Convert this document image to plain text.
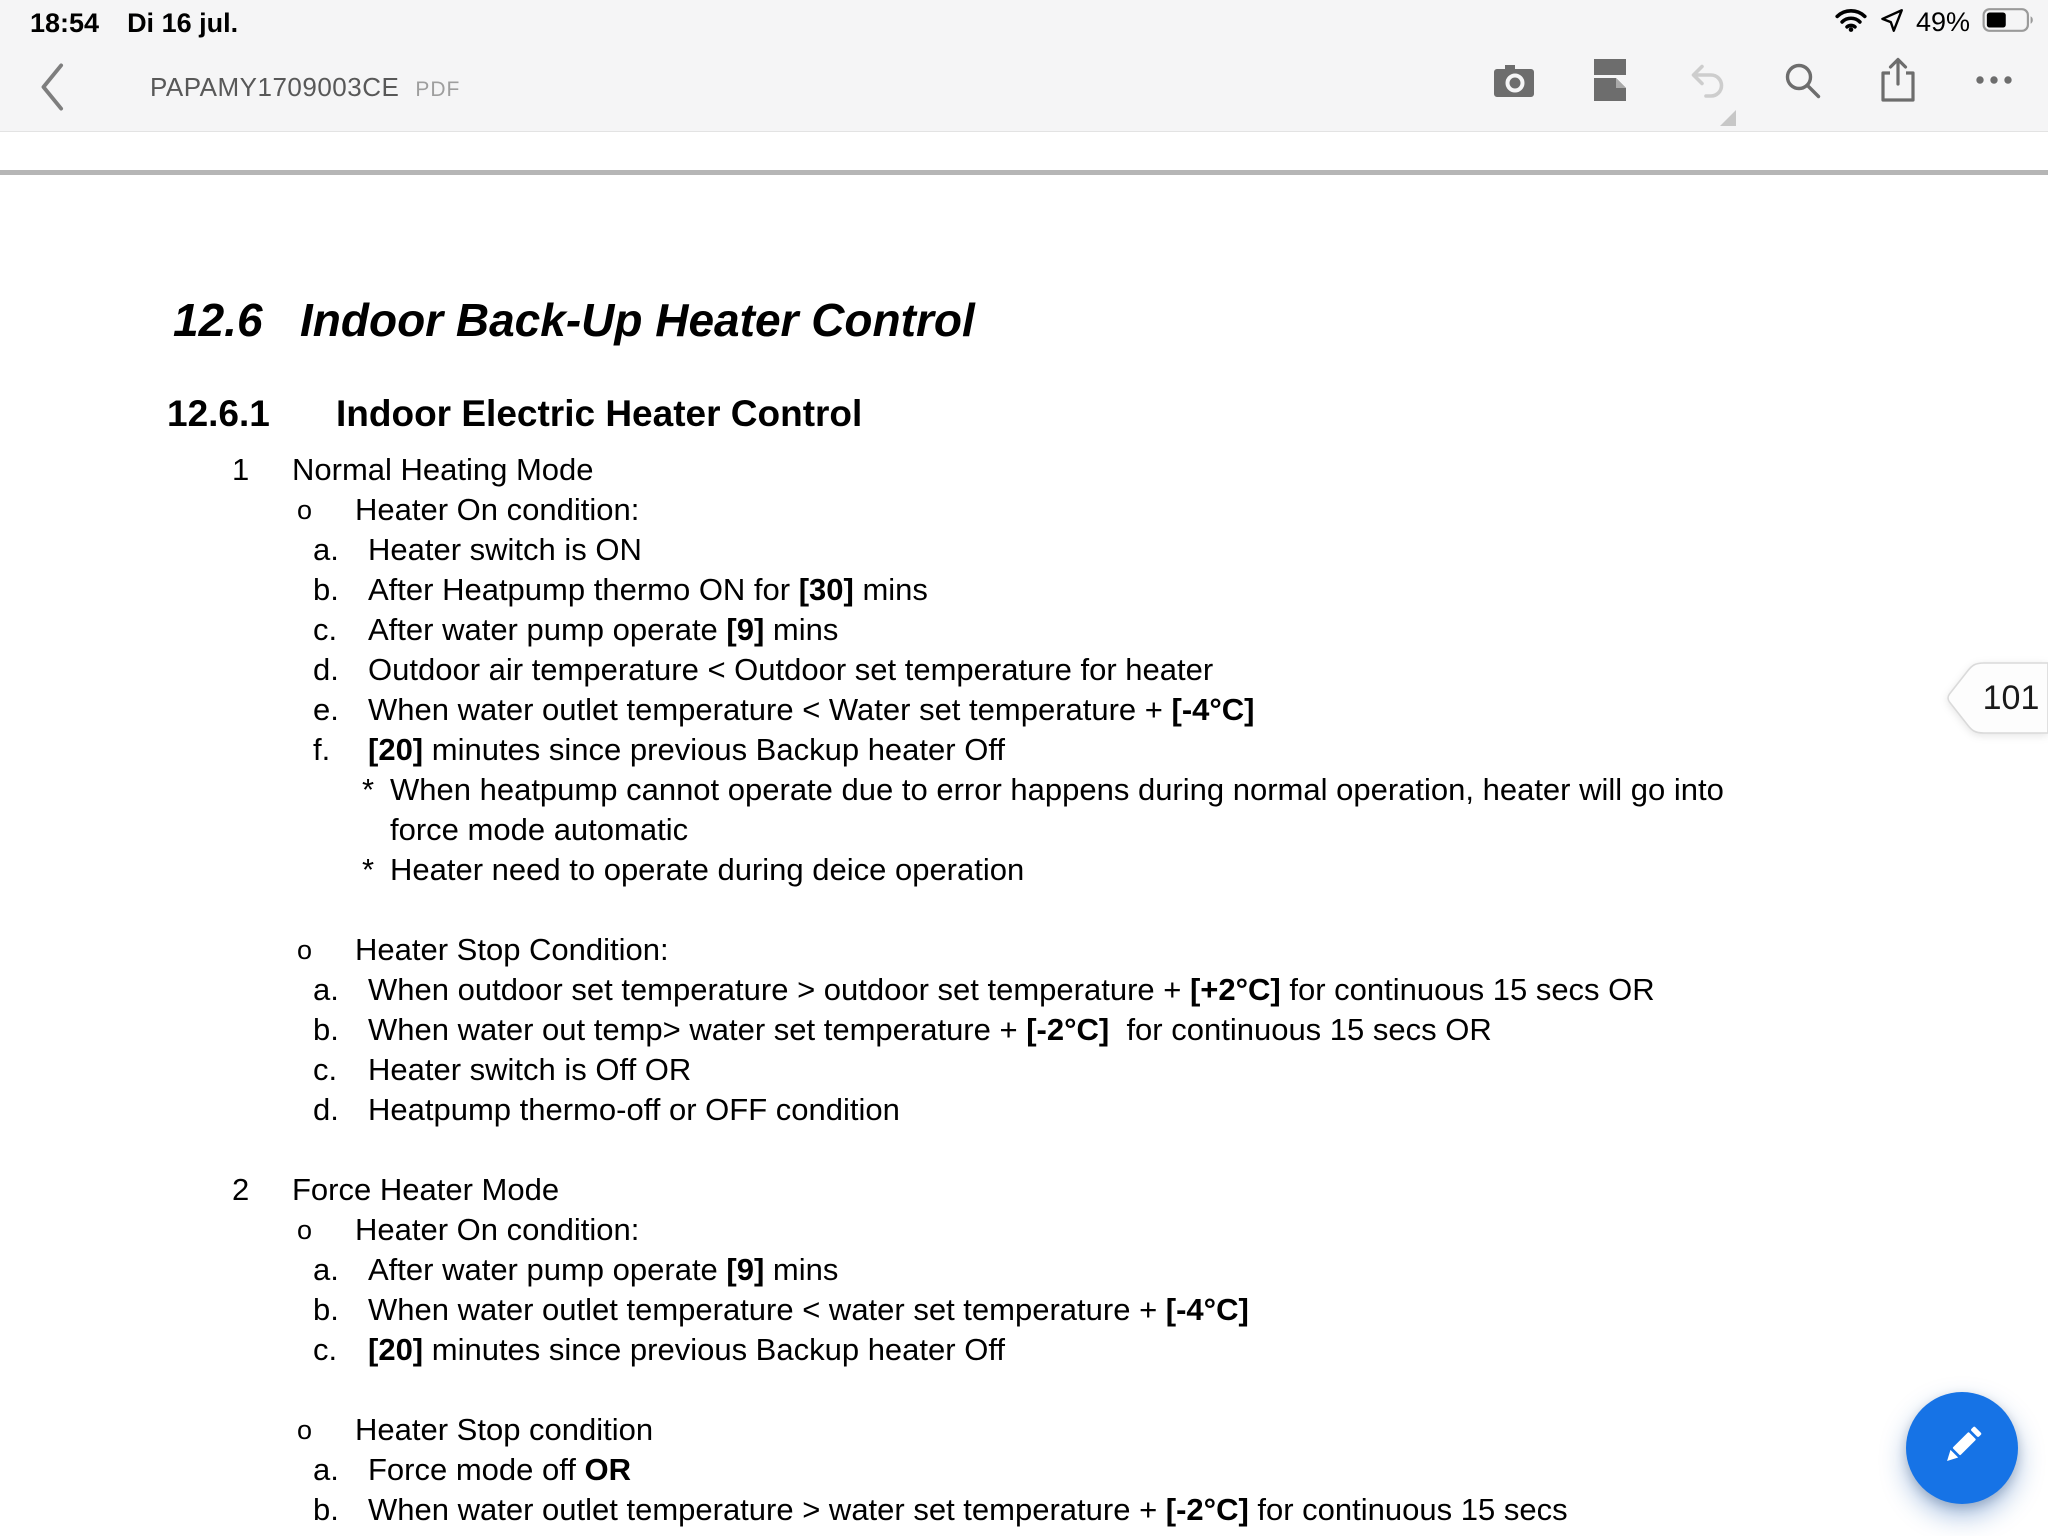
18:54 Di 16 jul.	49%
PAPAMY1709003CE PDF
12.6 Indoor Back-Up Heater Control
12.6.1	Indoor Electric Heater Control
1 Normal Heating Mode
o Heater On condition:
a. Heater switch is ON
b. After Heatpump thermo ON for [30] mins
c. After water pump operate [9] mins
d. Outdoor air temperature < Outdoor set temperature for heater
e. When water outlet temperature < Water set temperature + [-4°C]
f. [20] minutes since previous Backup heater Off
* When heatpump cannot operate due to error happens during normal operation, heater will go into
force mode automatic
* Heater need to operate during deice operation
o Heater Stop Condition:
a. When outdoor set temperature > outdoor set temperature + [+2°C] for continuous 15 secs OR
b. When water out temp> water set temperature + [-2°C]  for continuous 15 secs OR
c. Heater switch is Off OR
d. Heatpump thermo-off or OFF condition
2 Force Heater Mode
o Heater On condition:
a. After water pump operate [9] mins
b. When water outlet temperature < water set temperature + [-4°C]
c. [20] minutes since previous Backup heater Off
o Heater Stop condition
a. Force mode off OR
b. When water outlet temperature > water set temperature + [-2°C] for continuous 15 secs
101
